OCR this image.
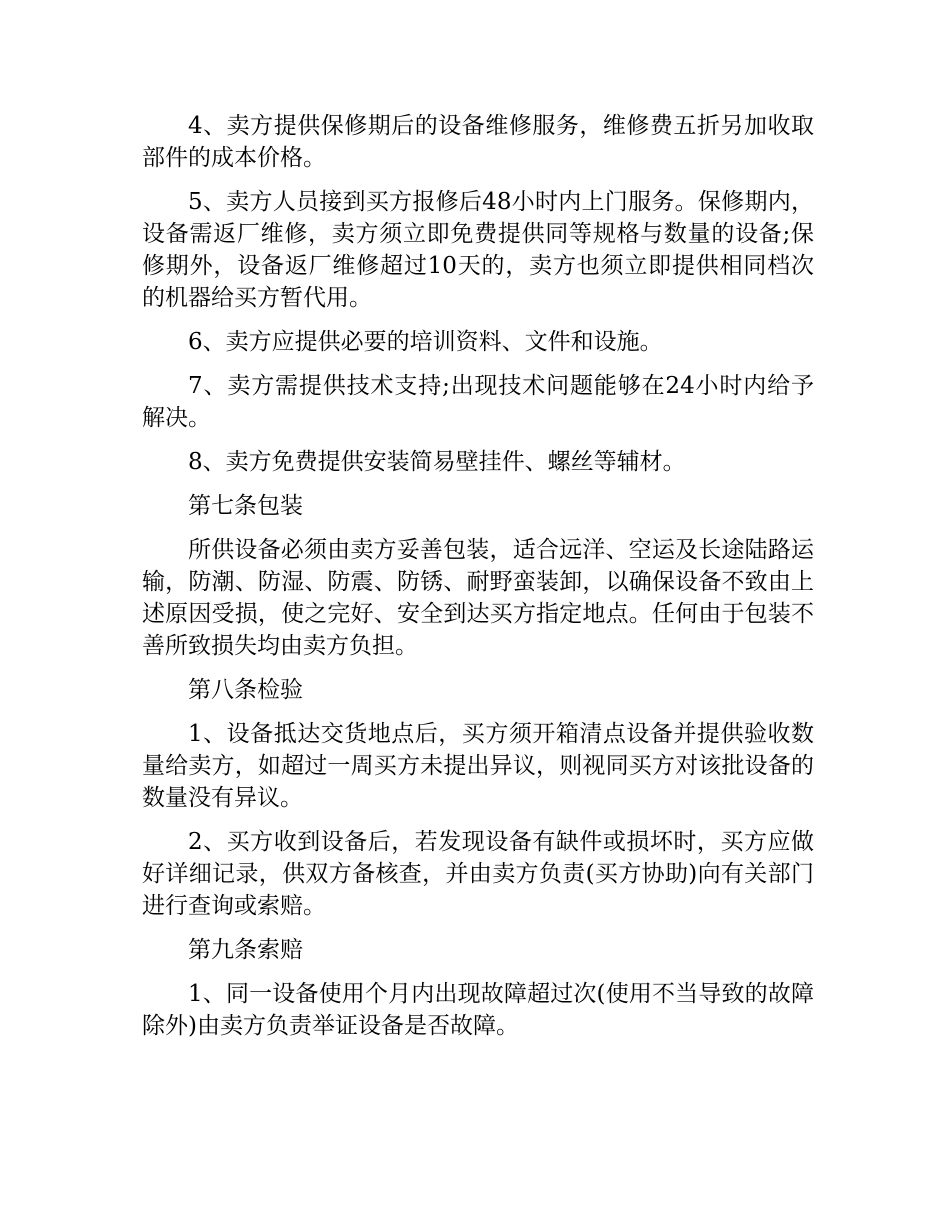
4、卖方提供保修期后的设备维修服务，维修费五折另加收取部件的成本价格。

5、卖方人员接到买方报修后48小时内上门服务。保修期内，设备需返厂维修，卖方须立即免费提供同等规格与数量的设备;保修期外，设备返厂维修超过10天的，卖方也须立即提供相同档次的机器给买方暂代用。

6、卖方应提供必要的培训资料、文件和设施。

7、卖方需提供技术支持;出现技术问题能够在24小时内给予解决。

8、卖方免费提供安装简易壁挂件、螺丝等辅材。

第七条包装

所供设备必须由卖方妥善包装，适合远洋、空运及长途陆路运输，防潮、防湿、防震、防锈、耐野蛮装卸，以确保设备不致由上述原因受损，使之完好、安全到达买方指定地点。任何由于包装不善所致损失均由卖方负担。

第八条检验

1、设备抵达交货地点后，买方须开箱清点设备并提供验收数量给卖方，如超过一周买方未提出异议，则视同买方对该批设备的数量没有异议。

2、买方收到设备后，若发现设备有缺件或损坏时，买方应做好详细记录，供双方备核查，并由卖方负责(买方协助)向有关部门进行查询或索赔。

第九条索赔

1、同一设备使用个月内出现故障超过次(使用不当导致的故障除外)由卖方负责举证设备是否故障。
